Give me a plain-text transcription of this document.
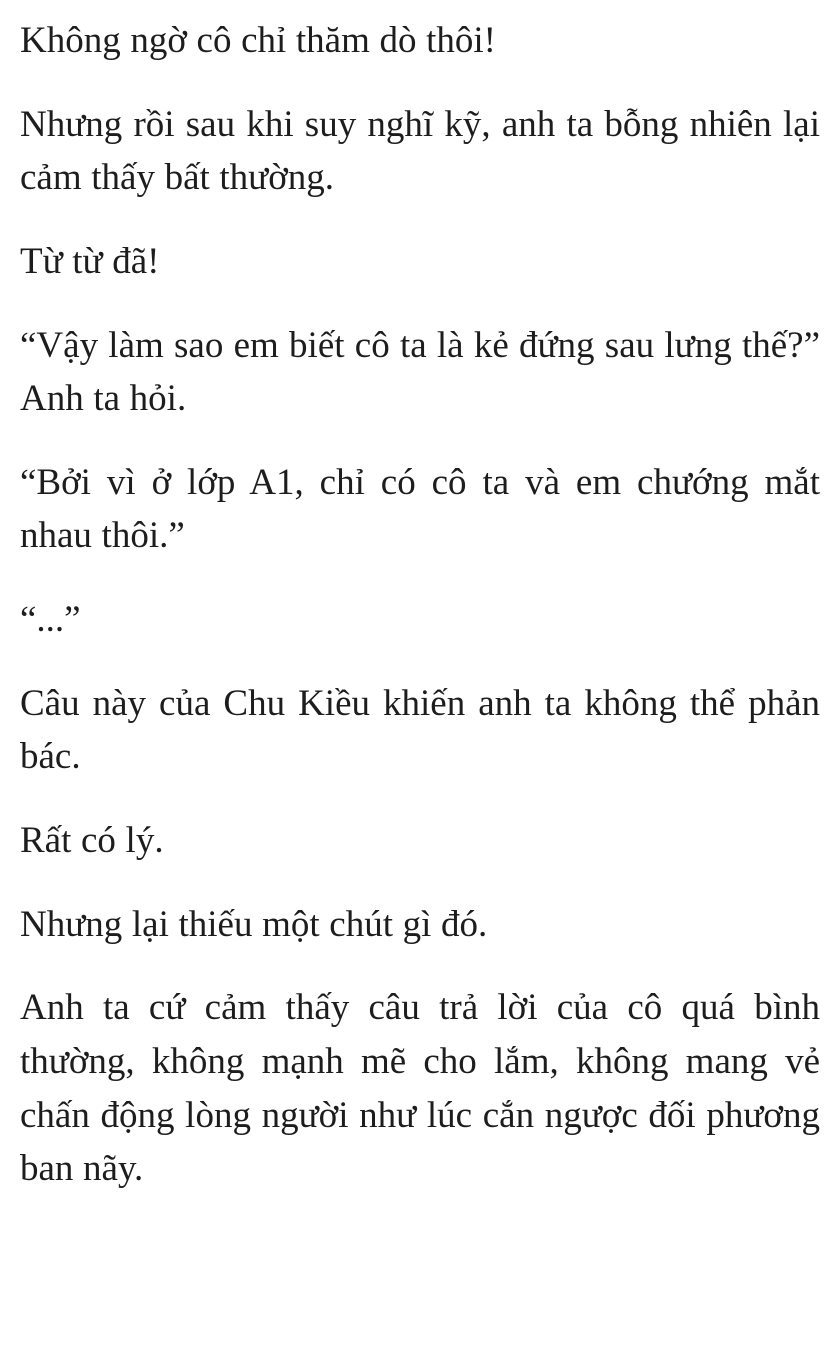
Không ngờ cô chỉ thăm dò thôi!

Nhưng rồi sau khi suy nghĩ kỹ, anh ta bỗng nhiên lại cảm thấy bất thường.

Từ từ đã!

“Vậy làm sao em biết cô ta là kẻ đứng sau lưng thế?” Anh ta hỏi.

“Bởi vì ở lớp A1, chỉ có cô ta và em chướng mắt nhau thôi.”

“...”

Câu này của Chu Kiều khiến anh ta không thể phản bác.

Rất có lý.

Nhưng lại thiếu một chút gì đó.

Anh ta cứ cảm thấy câu trả lời của cô quá bình thường, không mạnh mẽ cho lắm, không mang vẻ chấn động lòng người như lúc cắn ngược đối phương ban nãy.
